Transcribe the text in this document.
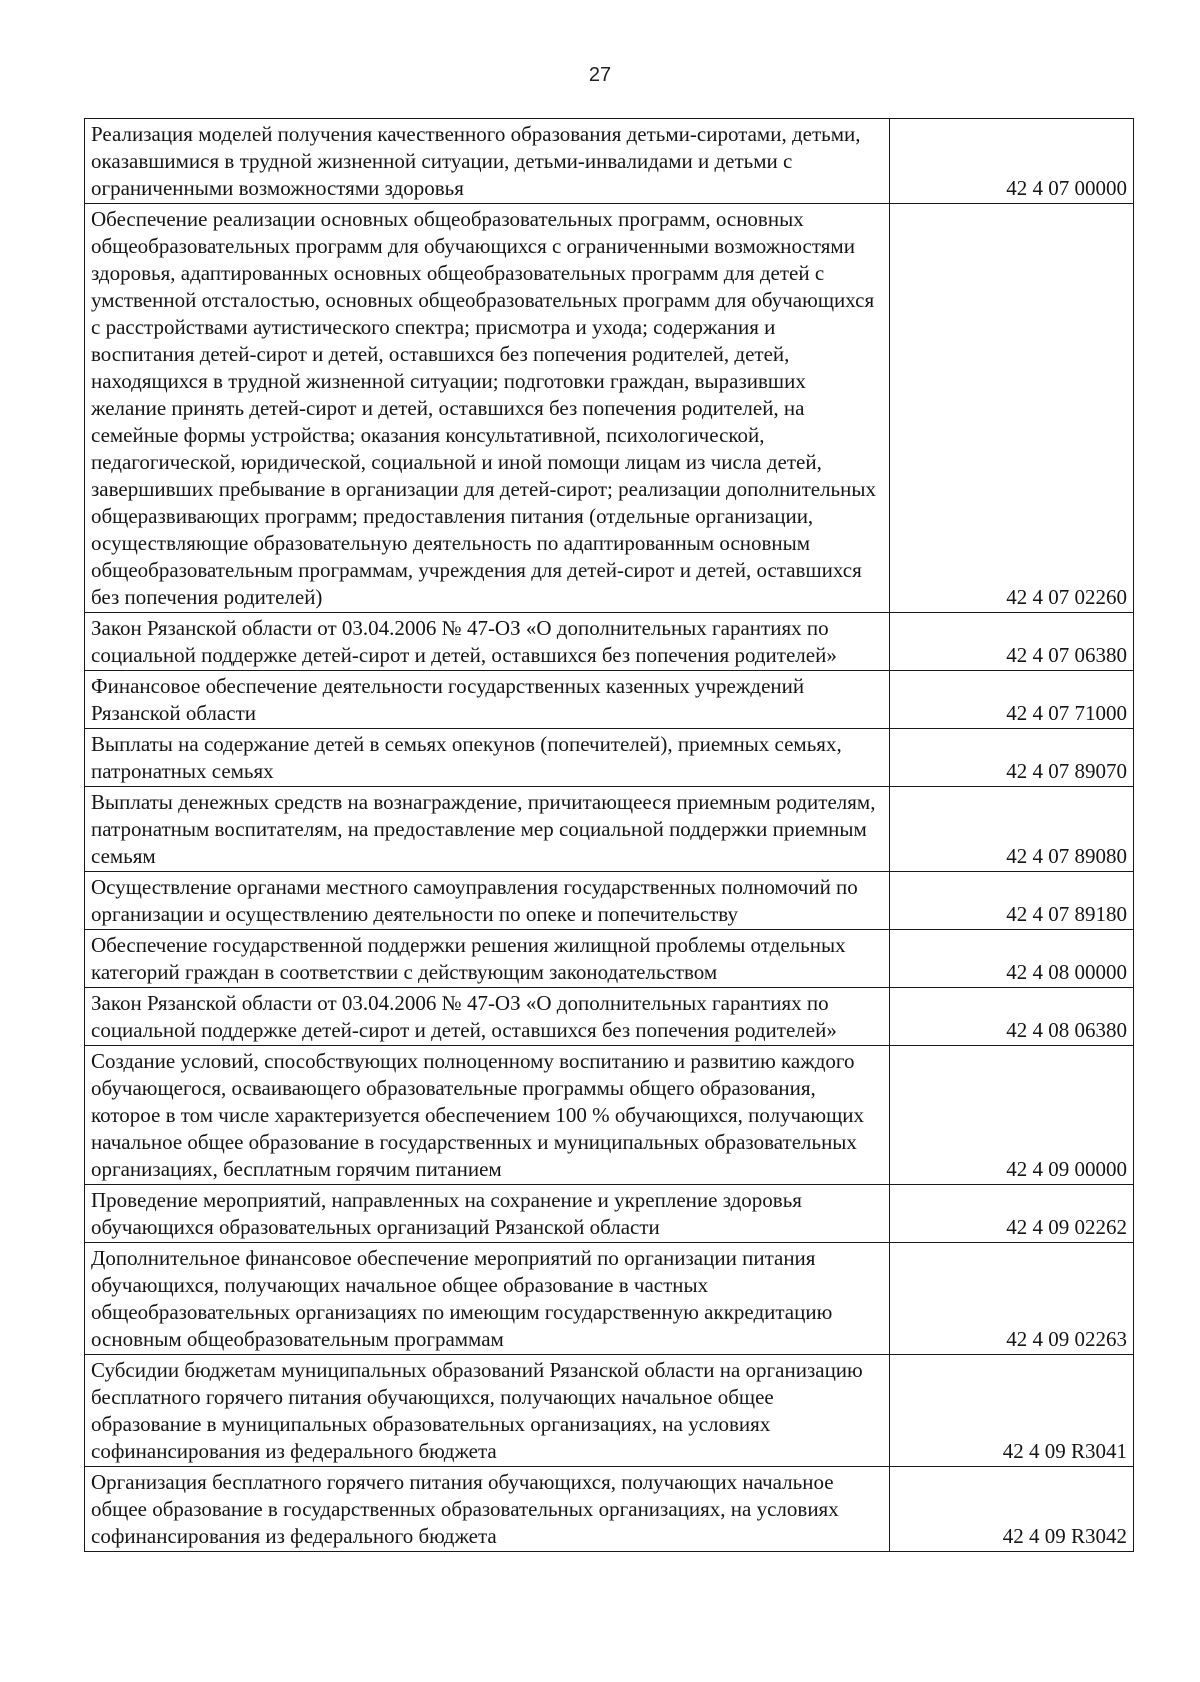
27
Реализация моделей получения качественного образования детьми-сиротами, детьми, оказавшимися в трудной жизненной ситуации, детьми-инвалидами и детьми с ограниченными возможностями здоровья	42 4 07 00000
Обеспечение реализации основных общеобразовательных программ, основных общеобразовательных программ для обучающихся с ограниченными возможностями здоровья, адаптированных основных общеобразовательных программ для детей с умственной отсталостью, основных общеобразовательных программ для обучающихся с расстройствами аутистического спектра; присмотра и ухода; содержания и воспитания детей-сирот и детей, оставшихся без попечения родителей, детей, находящихся в трудной жизненной ситуации; подготовки граждан, выразивших желание принять детей-сирот и детей, оставшихся без попечения родителей, на семейные формы устройства; оказания консультативной, психологической, педагогической, юридической, социальной и иной помощи лицам из числа детей, завершивших пребывание в организации для детей-сирот; реализации дополнительных общеразвивающих программ; предоставления питания (отдельные организации, осуществляющие образовательную деятельность по адаптированным основным общеобразовательным программам, учреждения для детей-сирот и детей, оставшихся без попечения родителей)	42 4 07 02260
Закон Рязанской области от 03.04.2006 № 47-ОЗ «О дополнительных гарантиях по социальной поддержке детей-сирот и детей, оставшихся без попечения родителей»	42 4 07 06380
Финансовое обеспечение деятельности государственных казенных учреждений Рязанской области	42 4 07 71000
Выплаты на содержание детей в семьях опекунов (попечителей), приемных семьях, патронатных семьях	42 4 07 89070
Выплаты денежных средств на вознаграждение, причитающееся приемным родителям, патронатным воспитателям, на предоставление мер социальной поддержки приемным семьям	42 4 07 89080
Осуществление органами местного самоуправления государственных полномочий по организации и осуществлению деятельности по опеке и попечительству	42 4 07 89180
Обеспечение государственной поддержки решения жилищной проблемы отдельных категорий граждан в соответствии с действующим законодательством	42 4 08 00000
Закон Рязанской области от 03.04.2006 № 47-ОЗ «О дополнительных гарантиях по социальной поддержке детей-сирот и детей, оставшихся без попечения родителей»	42 4 08 06380
Создание условий, способствующих полноценному воспитанию и развитию каждого обучающегося, осваивающего образовательные программы общего образования, которое в том числе характеризуется обеспечением 100 % обучающихся, получающих начальное общее образование в государственных и муниципальных образовательных организациях, бесплатным горячим питанием	42 4 09 00000
Проведение мероприятий, направленных на сохранение и укрепление здоровья обучающихся образовательных организаций Рязанской области	42 4 09 02262
Дополнительное финансовое обеспечение мероприятий по организации питания обучающихся, получающих начальное общее образование в частных общеобразовательных организациях по имеющим государственную аккредитацию основным общеобразовательным программам	42 4 09 02263
Субсидии бюджетам муниципальных образований Рязанской области на организацию бесплатного горячего питания обучающихся, получающих начальное общее образование в муниципальных образовательных организациях, на условиях софинансирования из федерального бюджета	42 4 09 R3041
Организация бесплатного горячего питания обучающихся, получающих начальное общее образование в государственных образовательных организациях, на условиях софинансирования из федерального бюджета	42 4 09 R3042
